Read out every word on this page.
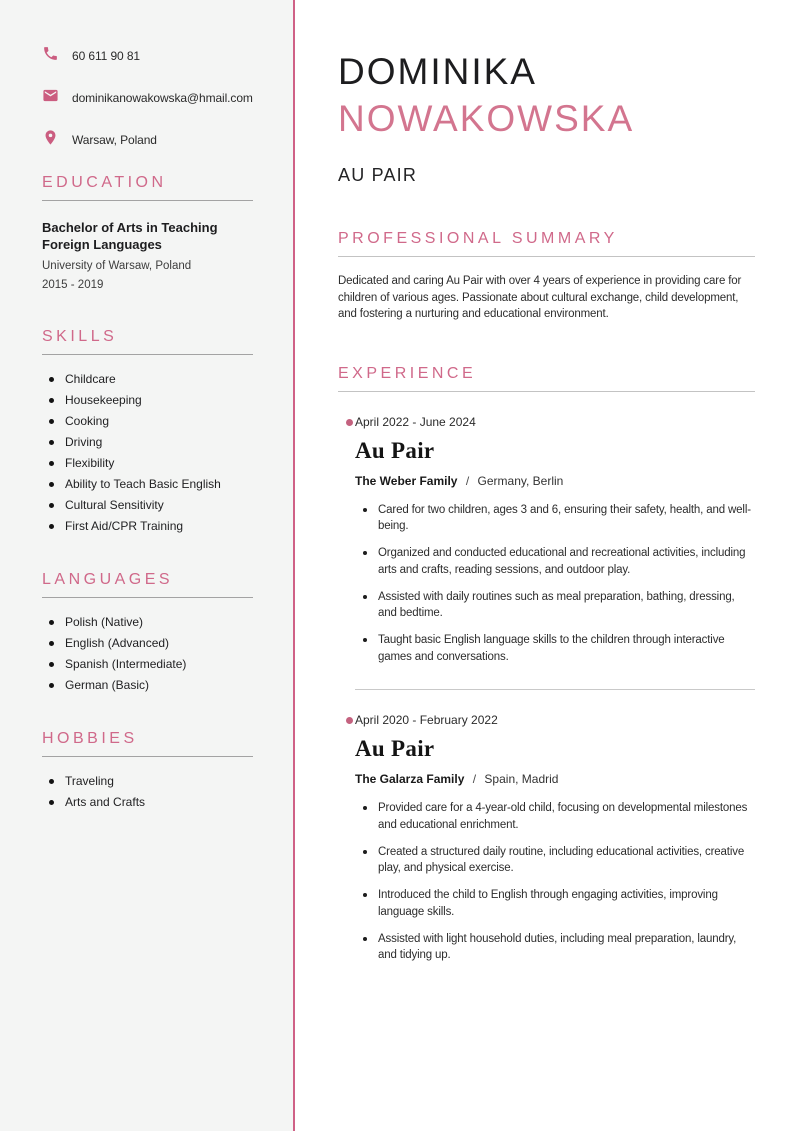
60 611 90 81
dominikanowakowska@hmail.com
Warsaw, Poland
EDUCATION
Bachelor of Arts in Teaching Foreign Languages
University of Warsaw, Poland
2015 - 2019
SKILLS
Childcare
Housekeeping
Cooking
Driving
Flexibility
Ability to Teach Basic English
Cultural Sensitivity
First Aid/CPR Training
LANGUAGES
Polish (Native)
English (Advanced)
Spanish (Intermediate)
German (Basic)
HOBBIES
Traveling
Arts and Crafts
DOMINIKA
NOWAKOWSKA
AU PAIR
PROFESSIONAL SUMMARY

Dedicated and caring Au Pair with over 4 years of experience in providing care for children of various ages. Passionate about cultural exchange, child development, and fostering a nurturing and educational environment.

EXPERIENCE
April 2022 - June 2024
Au Pair
The Weber Family / Germany, Berlin
Cared for two children, ages 3 and 6, ensuring their safety, health, and well-being.
Organized and conducted educational and recreational activities, including arts and crafts, reading sessions, and outdoor play.
Assisted with daily routines such as meal preparation, bathing, dressing, and bedtime.
Taught basic English language skills to the children through interactive games and conversations.
April 2020 - February 2022
Au Pair
The Galarza Family / Spain, Madrid
Provided care for a 4-year-old child, focusing on developmental milestones and educational enrichment.
Created a structured daily routine, including educational activities, creative play, and physical exercise.
Introduced the child to English through engaging activities, improving language skills.
Assisted with light household duties, including meal preparation, laundry, and tidying up.
